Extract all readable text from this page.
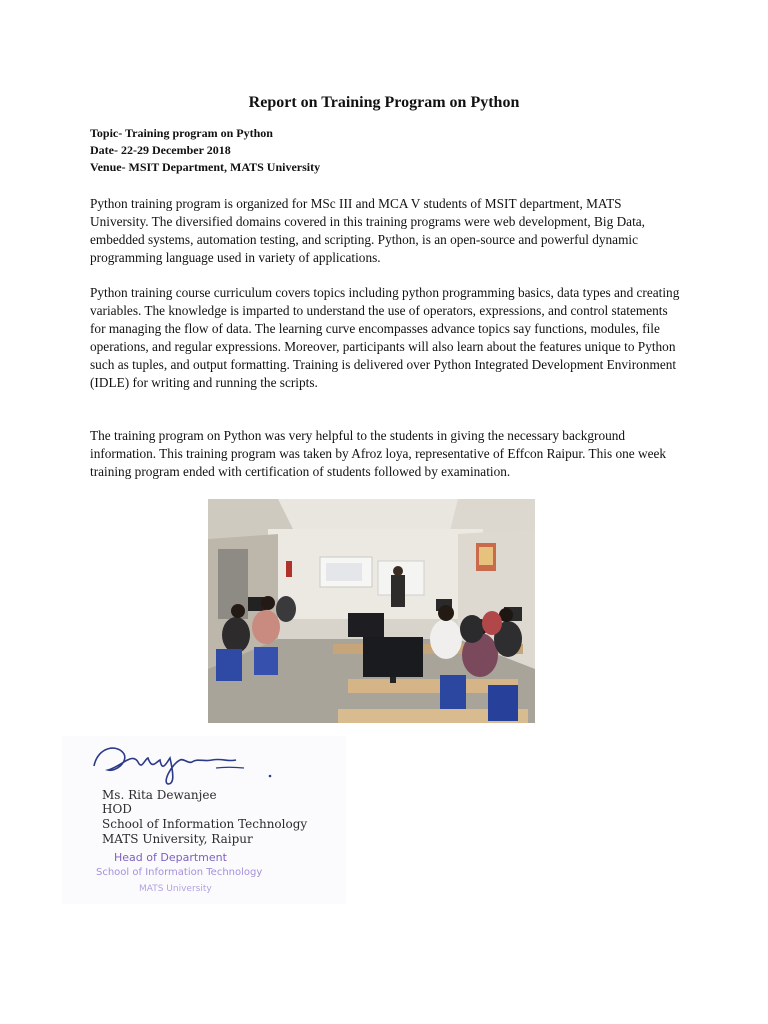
Report on Training Program on Python
Topic- Training program on Python
Date- 22-29 December 2018
Venue- MSIT Department, MATS University

Python training program is organized for MSc III and MCA V students of MSIT department, MATS University. The diversified domains covered in this training programs were web development, Big Data, embedded systems, automation testing, and scripting. Python, is an open-source and powerful dynamic programming language used in variety of applications.

Python training course curriculum covers topics including python programming basics, data types and creating variables. The knowledge is imparted to understand the use of operators, expressions, and control statements for managing the flow of data. The learning curve encompasses advance topics say functions, modules, file operations, and regular expressions. Moreover, participants will also learn about the features unique to Python such as tuples, and output formatting. Training is delivered over Python Integrated Development Environment (IDLE) for writing and running the scripts.

The training program on Python was very helpful to the students in giving the necessary background information. This training program was taken by Afroz loya, representative of Effcon Raipur. This one week training program ended with certification of students followed by examination.

Ms. Rita Dewanjee
HOD
School of Information Technology
MATS University, Raipur
Head of Department
School of Information Technology
MATS University
